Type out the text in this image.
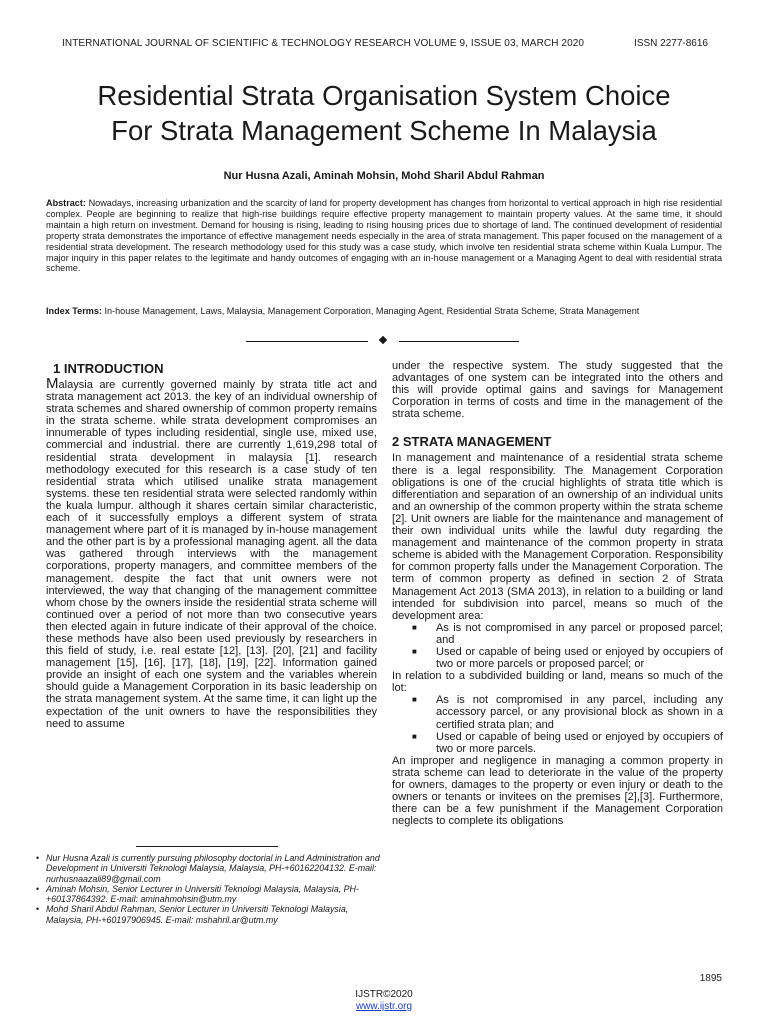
INTERNATIONAL JOURNAL OF SCIENTIFIC & TECHNOLOGY RESEARCH VOLUME 9, ISSUE 03, MARCH 2020	ISSN 2277-8616
Residential Strata Organisation System Choice
For Strata Management Scheme In Malaysia
Nur Husna Azali, Aminah Mohsin, Mohd Sharil Abdul Rahman

Abstract: Nowadays, increasing urbanization and the scarcity of land for property development has changes from horizontal to vertical approach in high rise residential complex. People are beginning to realize that high-rise buildings require effective property management to maintain property values. At the same time, it should maintain a high return on investment. Demand for housing is rising, leading to rising housing prices due to shortage of land. The continued development of residential property strata demonstrates the importance of effective management needs especially in the area of strata management. This paper focused on the management of a residential strata development. The research methodology used for this study was a case study, which involve ten residential strata scheme within Kuala Lumpur. The major inquiry in this paper relates to the legitimate and handy outcomes of engaging with an in-house management or a Managing Agent to deal with residential strata scheme.

Index Terms: In-house Management, Laws, Malaysia, Management Corporation, Managing Agent, Residential Strata Scheme, Strata Management

1 INTRODUCTION

Malaysia are currently governed mainly by strata title act and strata management act 2013. the key of an individual ownership of strata schemes and shared ownership of common property remains in the strata scheme. while strata development compromises an innumerable of types including residential, single use, mixed use, commercial and industrial. there are currently 1,619,298 total of residential strata development in malaysia [1]. research methodology executed for this research is a case study of ten residential strata which utilised unalike strata management systems. these ten residential strata were selected randomly within the kuala lumpur. although it shares certain similar characteristic, each of it successfully employs a different system of strata management where part of it is managed by in-house management and the other part is by a professional managing agent. all the data was gathered through interviews with the management corporations, property managers, and committee members of the management. despite the fact that unit owners were not interviewed, the way that changing of the management committee whom chose by the owners inside the residential strata scheme will continued over a period of not more than two consecutive years then elected again in future indicate of their approval of the choice. these methods have also been used previously by researchers in this field of study, i.e. real estate [12], [13]. [20], [21] and facility management [15], [16], [17], [18], [19], [22]. Information gained provide an insight of each one system and the variables wherein should guide a Management Corporation in its basic leadership on the strata management system. At the same time, it can light up the expectation of the unit owners to have the responsibilities they need to assume

under the respective system. The study suggested that the advantages of one system can be integrated into the others and this will provide optimal gains and savings for Management Corporation in terms of costs and time in the management of the strata scheme.

2 STRATA MANAGEMENT

In management and maintenance of a residential strata scheme there is a legal responsibility. The Management Corporation obligations is one of the crucial highlights of strata title which is differentiation and separation of an ownership of an individual units and an ownership of the common property within the strata scheme [2]. Unit owners are liable for the maintenance and management of their own individual units while the lawful duty regarding the management and maintenance of the common property in strata scheme is abided with the Management Corporation. Responsibility for common property falls under the Management Corporation. The term of common property as defined in section 2 of Strata Management Act 2013 (SMA 2013), in relation to a building or land intended for subdivision into parcel, means so much of the development area:

■ As is not compromised in any parcel or proposed parcel; and
■ Used or capable of being used or enjoyed by occupiers of two or more parcels or proposed parcel; or

In relation to a subdivided building or land, means so much of the lot:

■ As is not compromised in any parcel, including any accessory parcel, or any provisional block as shown in a certified strata plan; and
■ Used or capable of being used or enjoyed by occupiers of two or more parcels.

An improper and negligence in managing a common property in strata scheme can lead to deteriorate in the value of the property for owners, damages to the property or even injury or death to the owners or tenants or invitees on the premises [2],[3]. Furthermore, there can be a few punishment if the Management Corporation neglects to complete its obligations

• Nur Husna Azali is currently pursuing philosophy doctorial in Land Administration and Development in Universiti Teknologi Malaysia, Malaysia, PH-+60162204132. E-mail: nurhusnaazali89@gmail.com
• Aminah Mohsin, Senior Lecturer in Universiti Teknologi Malaysia, Malaysia, PH-+60137864392. E-mail: aminahmohsin@utm.my
• Mohd Sharil Abdul Rahman, Senior Lecturer in Universiti Teknologi Malaysia, Malaysia, PH-+60197906945. E-mail: mshahril.ar@utm.my
1895
IJSTR©2020
www.ijstr.org
